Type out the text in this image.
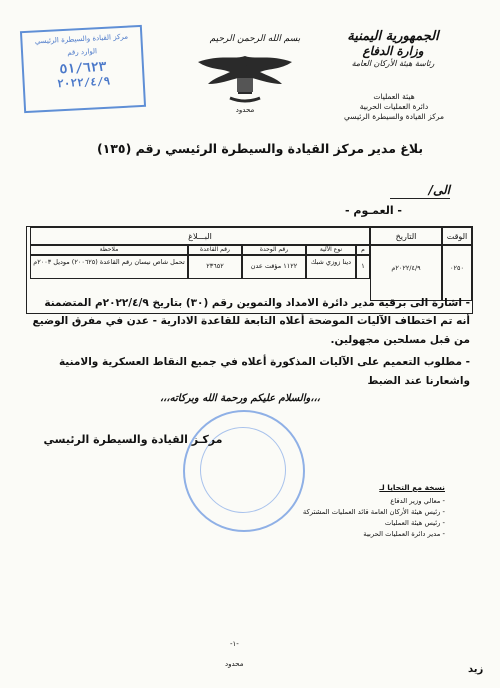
الجمهورية اليمنية
وزارة الدفاع
رئاسة هيئة الأركان العامة
هيئة العمليات
دائرة العمليات الحربية
مركز القيادة والسيطرة الرئيسي
بسم الله الرحمن الرحيم
محدود
مركز القيادة والسيطرة الرئيسي
الوارد رقم
٥١/٦٢٣
٢٠٢٢/٤/٩
بلاغ مدير مركز القيادة والسيطرة الرئيسي رقم (١٣٥)
الى/
- العمـوم -
الوقت
التاريخ
البـــلاغ
٠٢٥٠
٢٠٢٢/٤/٩م
م
نوع الآلية
رقم الوحدة
رقم القاعدة
ملاحظة
١
دينا زوزي شبك
١١٢٢ مؤقت عدن
٢٣٦٥٢
تحمل شاص نيسان رقم القاعدة (٢٠٠٦٢٥) موديل ٢٠٠٣م

- اشارة الى برقية مدير دائرة الامداد والتموين رقم (٣٠) بتاريخ ٢٠٢٢/٤/٩م المتضمنة أنه تم اختطاف الآليات الموضحة أعلاه التابعة للقاعدة الادارية - عدن في مفرق الوضيع من قبل مسلحين مجهولين.

- مطلوب التعميم على الآليات المذكورة أعلاه في جميع النقاط العسكرية والامنية واشعارنا عند الضبط

،،،والسلام عليكم ورحمة الله وبركاته،،،
مركـز القيادة والسيطرة الرئيسي
نسخة مع التحايا لـ
- معالي وزير الدفاع
- رئيس هيئة الأركان العامة قائد العمليات المشتركة
- رئيس هيئة العمليات
- مدير دائرة العمليات الحربية
-١-
محدود	زيد
